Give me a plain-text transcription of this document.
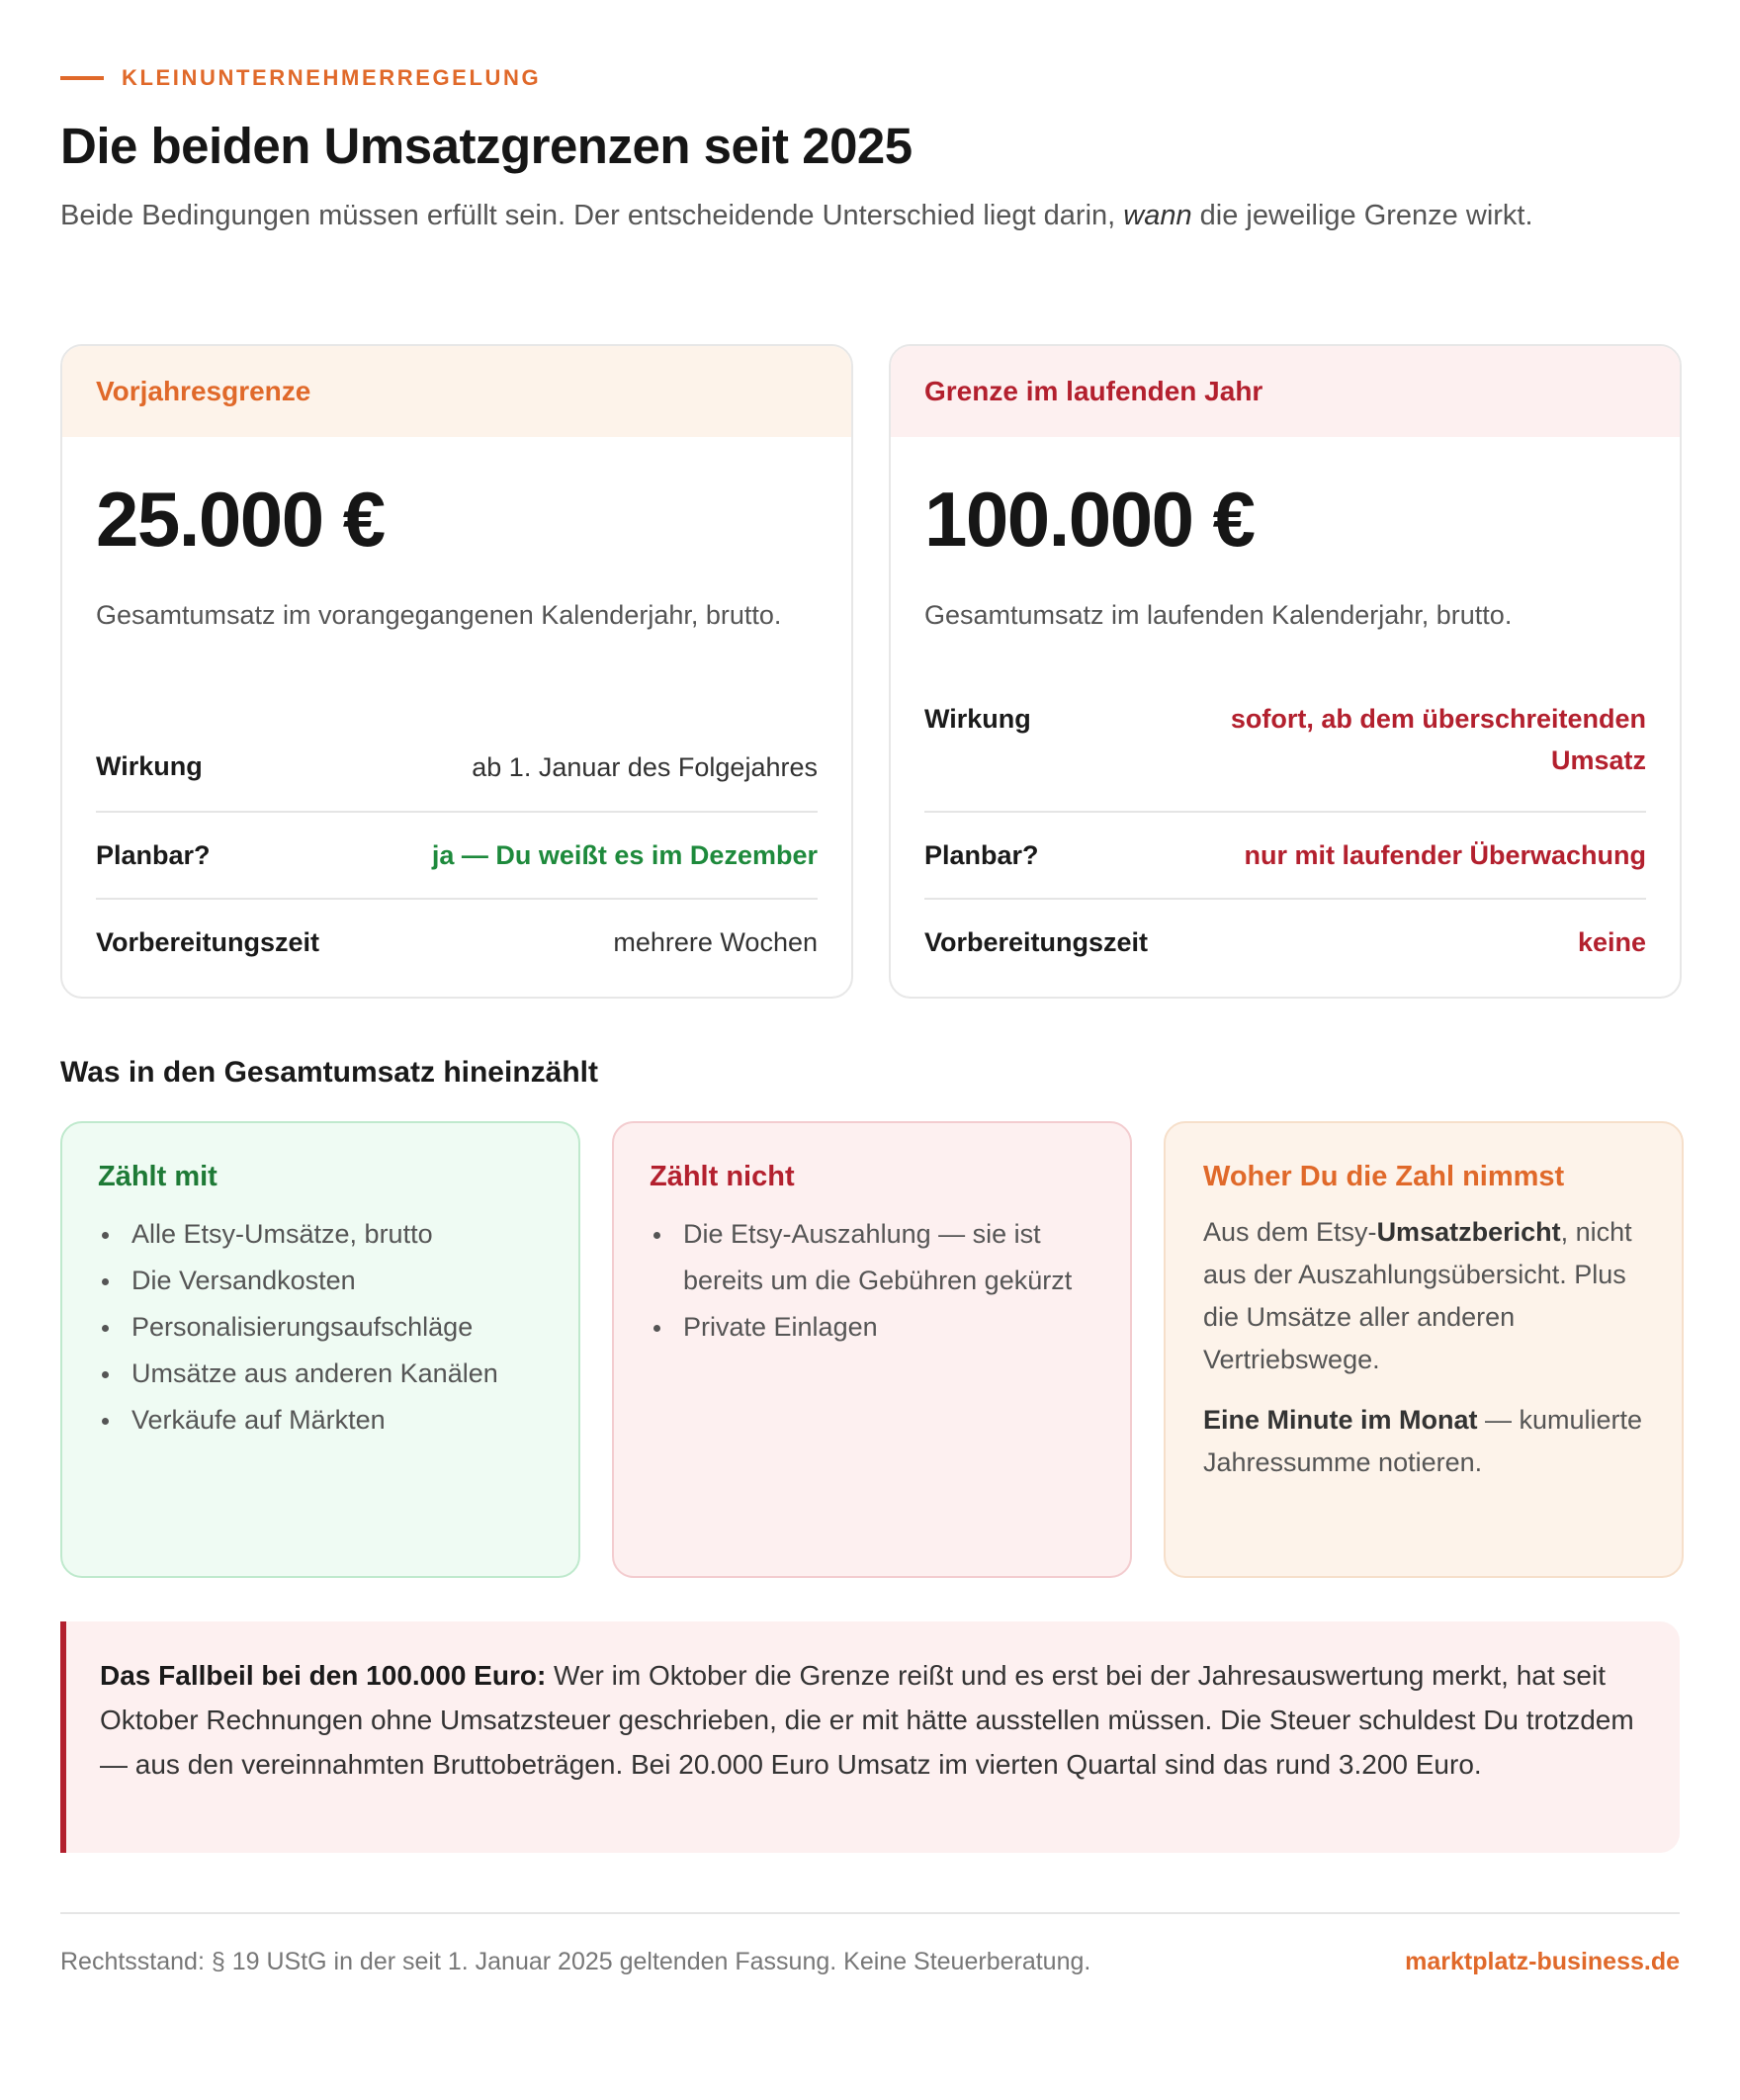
KLEINUNTERNEHMERREGELUNG
Die beiden Umsatzgrenzen seit 2025

Beide Bedingungen müssen erfüllt sein. Der entscheidende Unterschied liegt darin, wann die jeweilige Grenze wirkt.

Vorjahresgrenze
25.000 €
Gesamtumsatz im vorangegangenen Kalenderjahr, brutto.
Wirkung	ab 1. Januar des Folgejahres
Planbar?	ja — Du weißt es im Dezember
Vorbereitungszeit	mehrere Wochen
Grenze im laufenden Jahr
100.000 €
Gesamtumsatz im laufenden Kalenderjahr, brutto.
Wirkung	sofort, ab dem überschreitenden
Umsatz
Planbar?	nur mit laufender Überwachung
Vorbereitungszeit	keine
Was in den Gesamtumsatz hineinzählt
Zählt mit
Alle Etsy-Umsätze, brutto
Die Versandkosten
Personalisierungsaufschläge
Umsätze aus anderen Kanälen
Verkäufe auf Märkten
Zählt nicht
Die Etsy-Auszahlung — sie ist bereits um die Gebühren gekürzt
Private Einlagen
Woher Du die Zahl nimmst

Aus dem Etsy-Umsatzbericht, nicht aus der Auszahlungsübersicht. Plus die Umsätze aller anderen Vertriebswege.

Eine Minute im Monat — kumulierte Jahressumme notieren.

Das Fallbeil bei den 100.000 Euro: Wer im Oktober die Grenze reißt und es erst bei der Jahresauswertung merkt, hat seit Oktober Rechnungen ohne Umsatzsteuer geschrieben, die er mit hätte ausstellen müssen. Die Steuer schuldest Du trotzdem — aus den vereinnahmten Bruttobeträgen. Bei 20.000 Euro Umsatz im vierten Quartal sind das rund 3.200 Euro.
Rechtsstand: § 19 UStG in der seit 1. Januar 2025 geltenden Fassung. Keine Steuerberatung.	marktplatz-business.de
